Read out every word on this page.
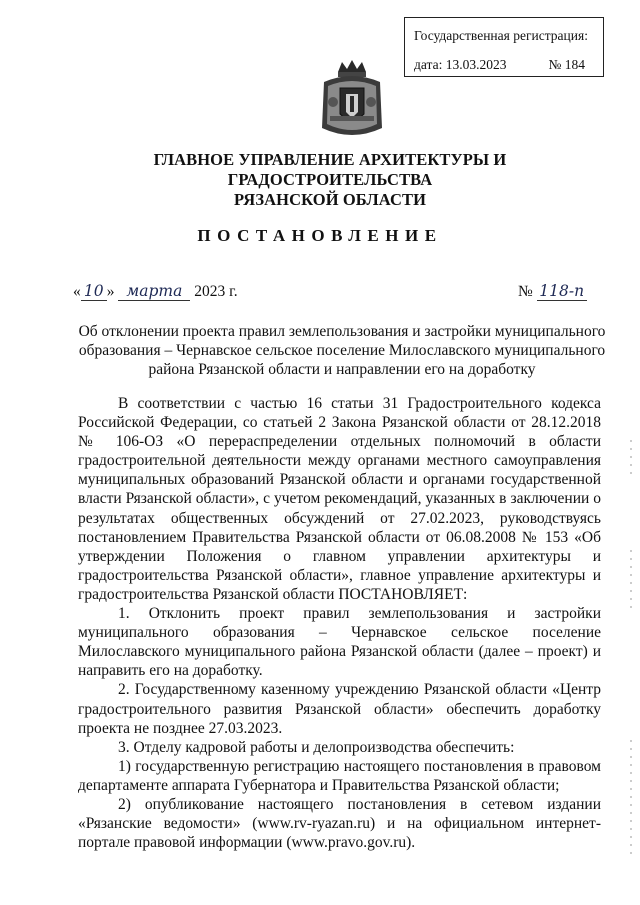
Государственная регистрация:
дата: 13.03.2023	№ 184
ГЛАВНОЕ УПРАВЛЕНИЕ АРХИТЕКТУРЫ И ГРАДОСТРОИТЕЛЬСТВА
РЯЗАНСКОЙ ОБЛАСТИ
ПОСТАНОВЛЕНИЕ
« 10 » марта 2023 г.	№ 118-п
Об отклонении проекта правил землепользования и застройки муниципального образования – Чернавское сельское поселение Милославского муниципального района Рязанской области и направлении его на доработку

В соответствии с частью 16 статьи 31 Градостроительного кодекса Российской Федерации, со статьей 2 Закона Рязанской области от 28.12.2018 № 106-ОЗ «О перераспределении отдельных полномочий в области градостроительной деятельности между органами местного самоуправления муниципальных образований Рязанской области и органами государственной власти Рязанской области», с учетом рекомендаций, указанных в заключении о результатах общественных обсуждений от 27.02.2023, руководствуясь постановлением Правительства Рязанской области от 06.08.2008 № 153 «Об утверждении Положения о главном управлении архитектуры и градостроительства Рязанской области», главное управление архитектуры и градостроительства Рязанской области ПОСТАНОВЛЯЕТ:

1. Отклонить проект правил землепользования и застройки муниципального образования – Чернавское сельское поселение Милославского муниципального района Рязанской области (далее – проект) и направить его на доработку.

2. Государственному казенному учреждению Рязанской области «Центр градостроительного развития Рязанской области» обеспечить доработку проекта не позднее 27.03.2023.

3. Отделу кадровой работы и делопроизводства обеспечить:

1) государственную регистрацию настоящего постановления в правовом департаменте аппарата Губернатора и Правительства Рязанской области;

2) опубликование настоящего постановления в сетевом издании «Рязанские ведомости» (www.rv-ryazan.ru) и на официальном интернет-портале правовой информации (www.pravo.gov.ru).
